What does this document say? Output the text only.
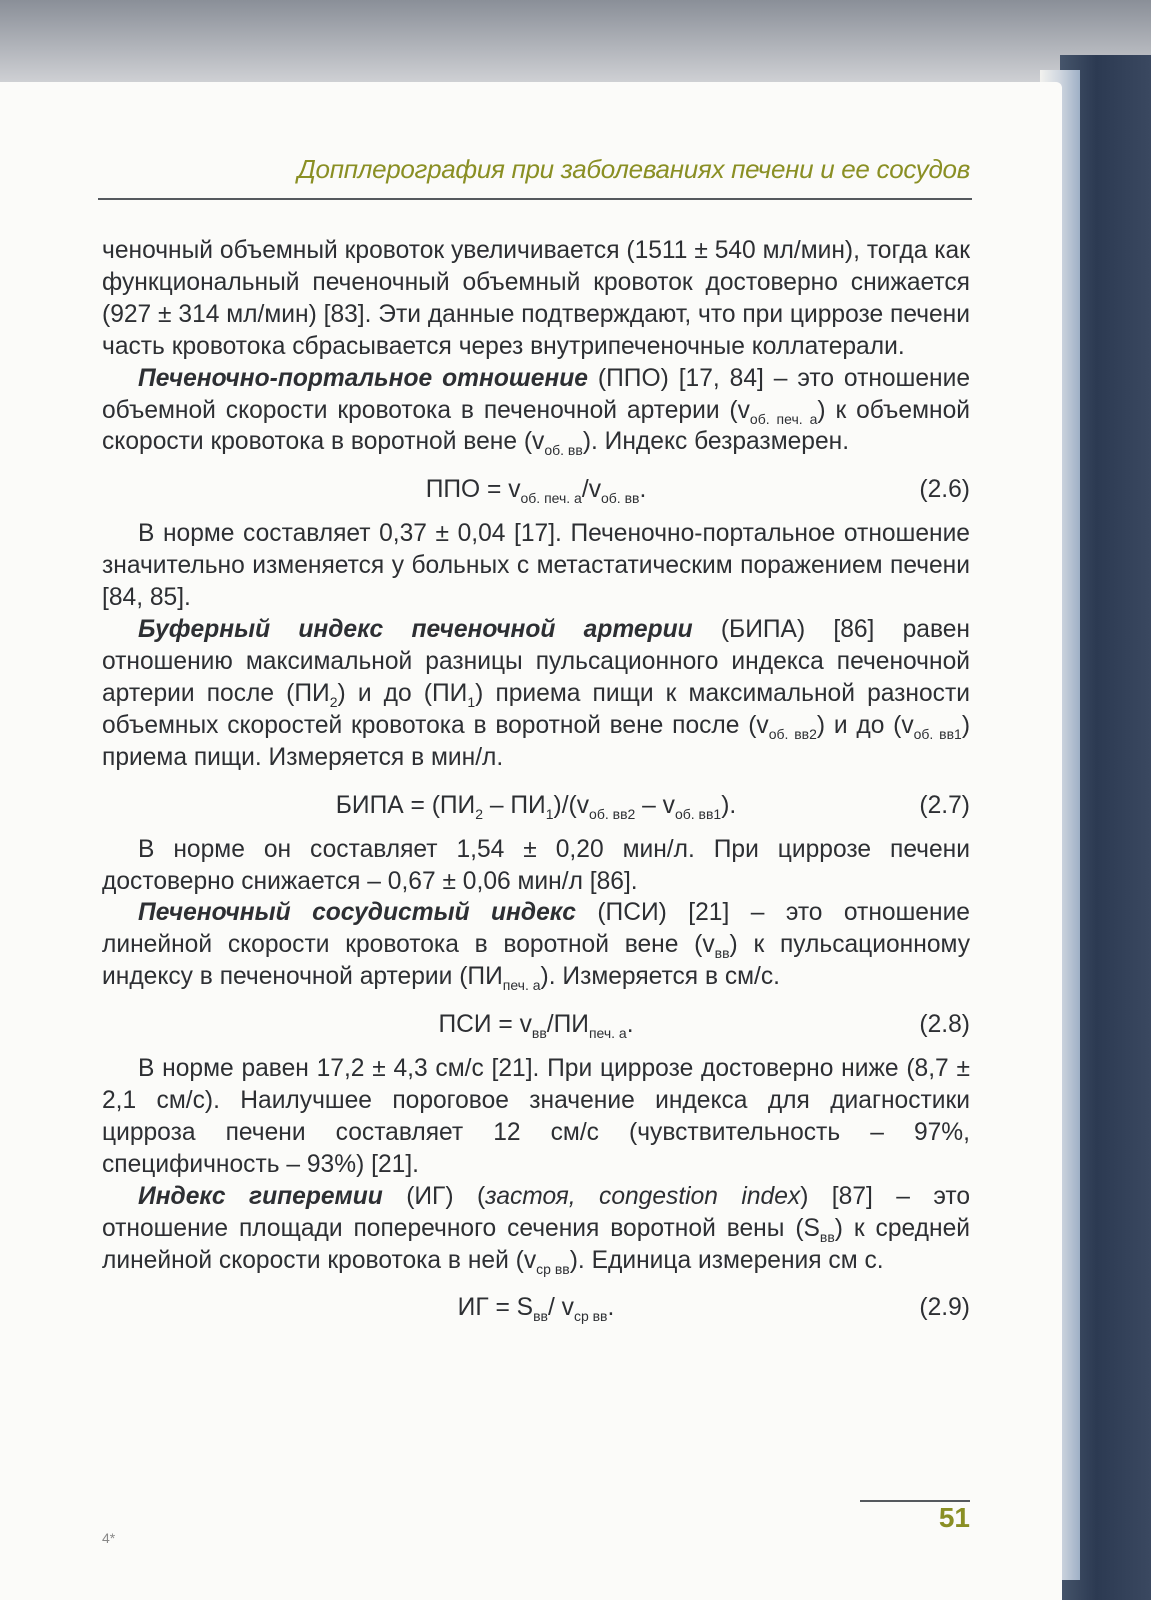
Допплерография при заболеваниях печени и ее сосудов

ченочный объемный кровоток увеличивается (1511 ± 540 мл/мин), тогда как функциональный печеночный объемный кровоток достоверно снижается (927 ± 314 мл/мин) [83]. Эти данные подтверждают, что при циррозе печени часть кровотока сбрасывается через внутрипеченочные коллатерали.

Печеночно-портальное отношение (ППО) [17, 84] – это отношение объемной скорости кровотока в печеночной артерии $(v_{об. печ. а})$ к объемной скорости кровотока в воротной вене $(v_{об. вв})$. Индекс безразмерен.

ППО = $v_{об. печ. а}/v_{об. вв}$.	(2.6)

В норме составляет 0,37 ± 0,04 [17]. Печеночно-портальное отношение значительно изменяется у больных с метастатическим поражением печени [84, 85].

Буферный индекс печеночной артерии (БИПА) [86] равен отношению максимальной разницы пульсационного индекса печеночной артерии после $(ПИ_2)$ и до $(ПИ_1)$ приема пищи к максимальной разности объемных скоростей кровотока в воротной вене после $(v_{об. вв2})$ и до $(v_{об. вв1})$ приема пищи. Измеряется в мин/л.

БИПА = $(ПИ_2 - ПИ_1)/(v_{об. вв2} - v_{об. вв1})$.	(2.7)

В норме он составляет 1,54 ± 0,20 мин/л. При циррозе печени достоверно снижается – 0,67 ± 0,06 мин/л [86].

Печеночный сосудистый индекс (ПСИ) [21] – это отношение линейной скорости кровотока в воротной вене $(v_{вв})$ к пульсационному индексу в печеночной артерии $(ПИ_{печ. а})$. Измеряется в см/с.

ПСИ = $v_{вв}/ПИ_{печ. а}$.	(2.8)

В норме равен 17,2 ± 4,3 см/с [21]. При циррозе достоверно ниже (8,7 ± 2,1 см/с). Наилучшее пороговое значение индекса для диагностики цирроза печени составляет 12 см/с (чувствительность – 97%, специфичность – 93%) [21].

Индекс гиперемии (ИГ) (застоя, congestion index) [87] – это отношение площади поперечного сечения воротной вены $(S_{вв})$ к средней линейной скорости кровотока в ней $(v_{ср вв})$. Единица измерения см с.

ИГ = $S_{вв}/$ $v_{ср вв}$.	(2.9)
51
4*
